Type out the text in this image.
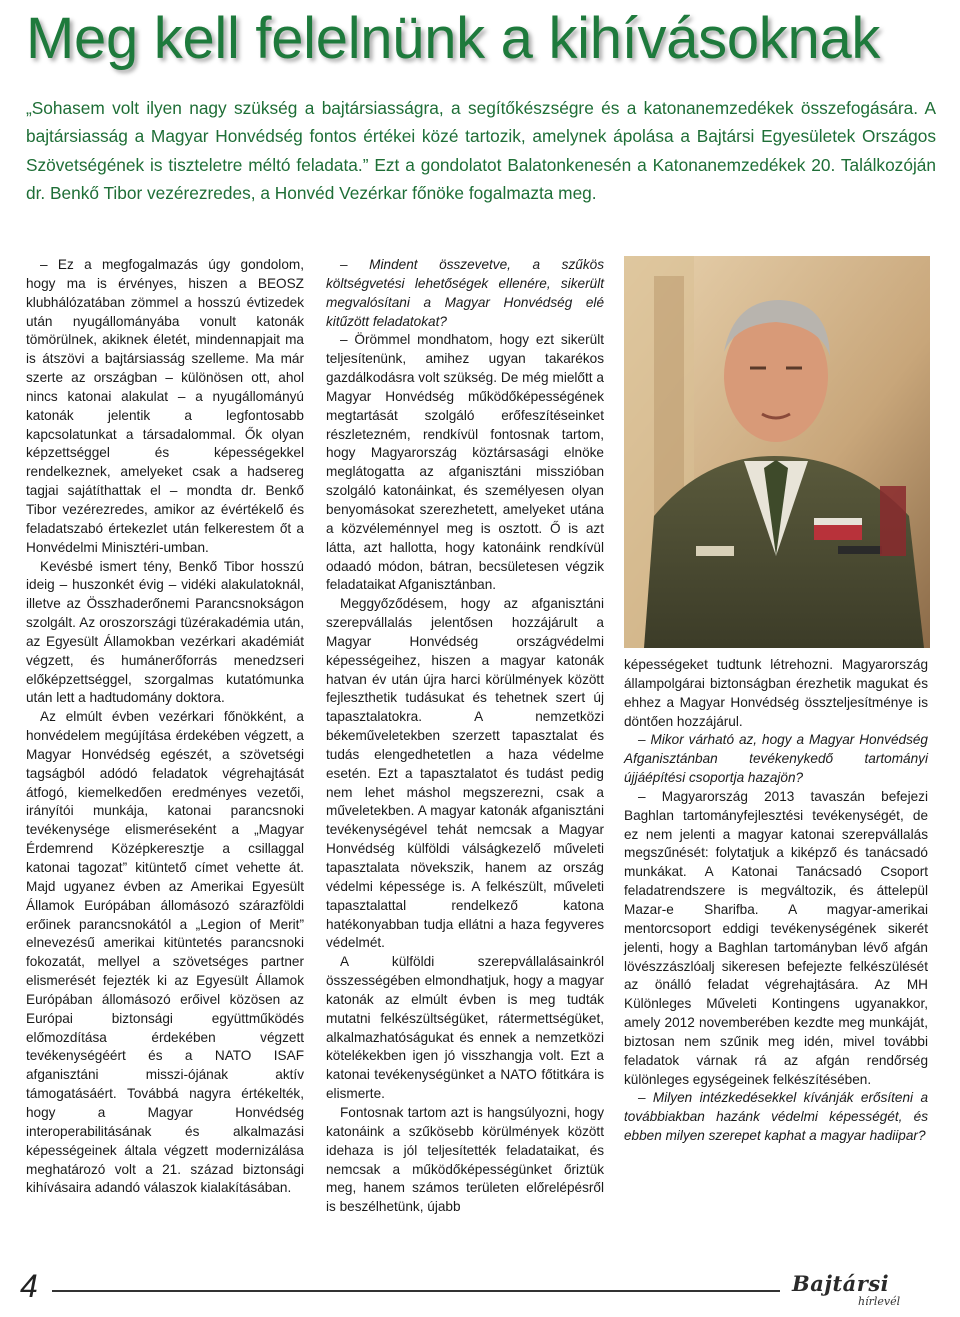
Meg kell felelnünk a kihívásoknak

„Sohasem volt ilyen nagy szükség a bajtársiasságra, a segítőkészségre és a katonanemzedékek összefogására. A bajtársiasság a Magyar Honvédség fontos értékei közé tartozik, amelynek ápolása a Bajtársi Egyesületek Országos Szövetségének is tiszteletre méltó feladata.” Ezt a gondolatot Balatonkenesén a Katonanemzedékek 20. Találkozóján dr. Benkő Tibor vezérezredes, a Honvéd Vezérkar főnöke fogalmazta meg.

– Ez a megfogalmazás úgy gondolom, hogy ma is érvényes, hiszen a BEOSZ klubhálózatában zömmel a hosszú évtizedek után nyugállományába vonult katonák tömörülnek, akiknek életét, mindennapjait ma is átszövi a bajtársiasság szelleme. Ma már szerte az országban – különösen ott, ahol nincs katonai alakulat – a nyugállományú katonák jelentik a legfontosabb kapcsolatunkat a társadalommal. Ők olyan képzettséggel és képességekkel rendelkeznek, amelyeket csak a hadsereg tagjai sajátíthattak el – mondta dr. Benkő Tibor vezérezredes, amikor az évértékelő és feladatszabó értekezlet után felkerestem őt a Honvédelmi Minisztéri-umban.

Kevésbé ismert tény, Benkő Tibor hosszú ideig – huszonkét évig – vidéki alakulatoknál, illetve az Összhaderőnemi Parancsnokságon szolgált. Az oroszországi tüzérakadémia után, az Egyesült Államokban vezérkari akadémiát végzett, és humánerőforrás menedzseri előképzettséggel, szorgalmas kutatómunka után lett a hadtudomány doktora.

Az elmúlt évben vezérkari főnökként, a honvédelem megújítása érdekében végzett, a Magyar Honvédség egészét, a szövetségi tagságból adódó feladatok végrehajtását átfogó, kiemelkedően eredményes vezetői, irányítói munkája, katonai parancsnoki tevékenysége elismeréseként a „Magyar Érdemrend Középkeresztje a csillaggal katonai tagozat” kitüntető címet vehette át. Majd ugyanez évben az Amerikai Egyesült Államok Európában állomásozó szárazföldi erőinek parancsnokától a „Legion of Merit” elnevezésű amerikai kitüntetés parancsnoki fokozatát, mellyel a szövetséges partner elismerését fejezték ki az Egyesült Államok Európában állomásozó erőivel közösen az Európai biztonsági együttműködés előmozdítása érdekében végzett tevékenységéért és a NATO ISAF afganisztáni misszi-ójának aktív támogatásáért. Továbbá nagyra értékelték, hogy a Magyar Honvédség interoperabilitásának és alkalmazási képességeinek általa végzett modernizálása meghatározó volt a 21. század biztonsági kihívásaira adandó válaszok kialakításában.

– Mindent összevetve, a szűkös költségvetési lehetőségek ellenére, sikerült megvalósítani a Magyar Honvédség elé kitűzött feladatokat?

– Örömmel mondhatom, hogy ezt sikerült teljesítenünk, amihez ugyan takarékos gazdálkodásra volt szükség. De még mielőtt a Magyar Honvédség működőképességének megtartását szolgáló erőfeszítéseinket részletezném, rendkívül fontosnak tartom, hogy Magyarország köztársasági elnöke meglátogatta az afganisztáni misszióban szolgáló katonáinkat, és személyesen olyan benyomásokat szerezhetett, amelyeket utána a közvéleménnyel meg is osztott. Ő is azt látta, azt hallotta, hogy katonáink rendkívül odaadó módon, bátran, becsületesen végzik feladataikat Afganisztánban.

Meggyőződésem, hogy az afganisztáni szerepvállalás jelentősen hozzájárult a Magyar Honvédség országvédelmi képességeihez, hiszen a magyar katonák hatvan év után újra harci körülmények között fejleszthetik tudásukat és tehetnek szert új tapasztalatokra. A nemzetközi békeműveletekben szerzett tapasztalat és tudás elengedhetetlen a haza védelme esetén. Ezt a tapasztalatot és tudást pedig nem lehet máshol megszerezni, csak a műveletekben. A magyar katonák afganisztáni tevékenységével tehát nemcsak a Magyar Honvédség külföldi válságkezelő műveleti tapasztalata növekszik, hanem az ország védelmi képessége is. A felkészült, műveleti tapasztalattal rendelkező katona hatékonyabban tudja ellátni a haza fegyveres védelmét.

A külföldi szerepvállalásainkról összességében elmondhatjuk, hogy a magyar katonák az elmúlt évben is meg tudták mutatni felkészültségüket, rátermettségüket, alkalmazhatóságukat és ennek a nemzetközi kötelékekben igen jó visszhangja volt. Ezt a katonai tevékenységünket a NATO főtitkára is elismerte.

Fontosnak tartom azt is hangsúlyozni, hogy katonáink a szűkösebb körülmények között idehaza is jól teljesítették feladataikat, és nemcsak a működőképességünket őriztük meg, hanem számos területen előrelépésről is beszélhetünk, újabb

képességeket tudtunk létrehozni. Magyarország állampolgárai biztonságban érezhetik magukat és ehhez a Magyar Honvédség összteljesítménye is döntően hozzájárul.

– Mikor várható az, hogy a Magyar Honvédség Afganisztánban tevékenykedő tartományi újjáépítési csoportja hazajön?

– Magyarország 2013 tavaszán befejezi Baghlan tartományfejlesztési tevékenységét, de ez nem jelenti a magyar katonai szerepvállalás megszűnését: folytatjuk a kiképző és tanácsadó munkákat. A Katonai Tanácsadó Csoport feladatrendszere is megváltozik, és áttelepül Mazar-e Sharifba. A magyar-amerikai mentorcsoport eddigi tevékenységének sikerét jelenti, hogy a Baghlan tartományban lévő afgán lövészzászlóalj sikeresen befejezte felkészülését az önálló feladat végrehajtására. Az MH Különleges Műveleti Kontingens ugyanakkor, amely 2012 novemberében kezdte meg munkáját, biztosan nem szűnik meg idén, mivel további feladatok várnak rá az afgán rendőrség különleges egységeinek felkészítésében.

– Milyen intézkedésekkel kívánják erősíteni a továbbiakban hazánk védelmi képességét, és ebben milyen szerepet kaphat a magyar hadiipar?

4	Bajtársi
hírlevél
